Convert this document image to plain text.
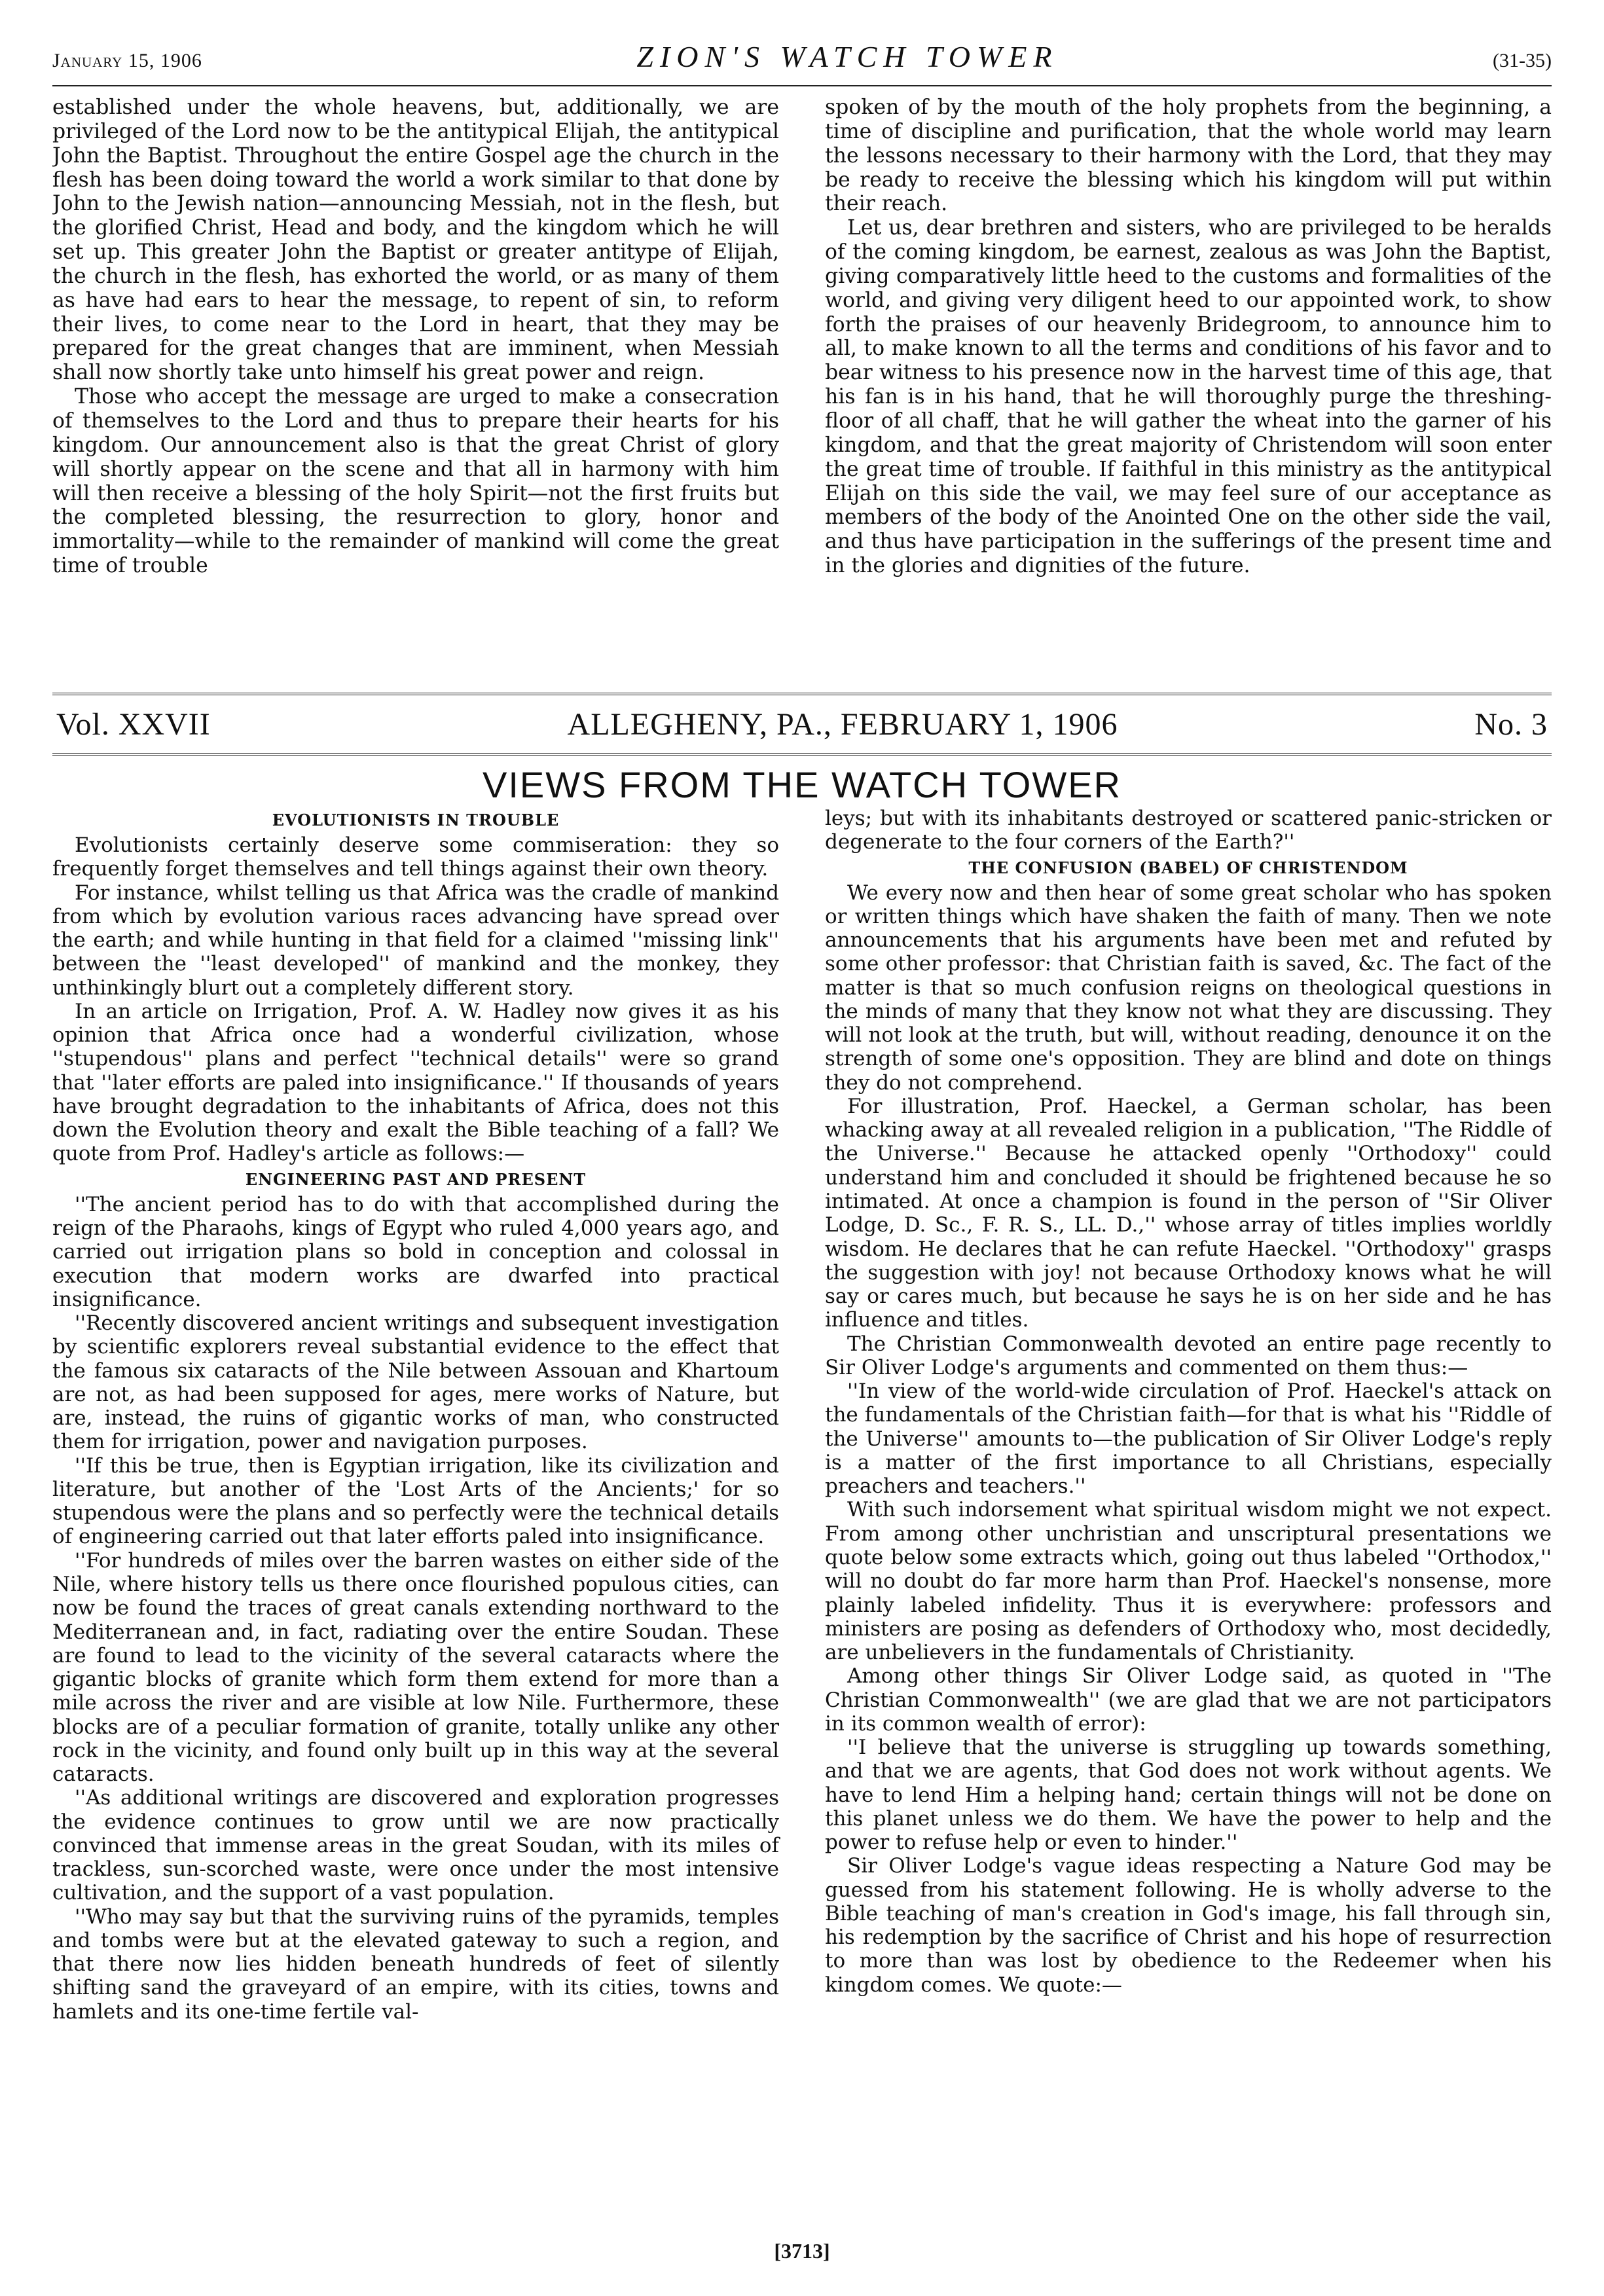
January 15, 1906	ZION'S WATCH TOWER	(31-35)

established under the whole heavens, but, additionally, we are privileged of the Lord now to be the antitypical Elijah, the antitypical John the Baptist. Throughout the entire Gospel age the church in the flesh has been doing toward the world a work similar to that done by John to the Jewish nation—announcing Messiah, not in the flesh, but the glorified Christ, Head and body, and the kingdom which he will set up. This greater John the Baptist or greater antitype of Elijah, the church in the flesh, has exhorted the world, or as many of them as have had ears to hear the message, to repent of sin, to reform their lives, to come near to the Lord in heart, that they may be prepared for the great changes that are imminent, when Messiah shall now shortly take unto himself his great power and reign.

Those who accept the message are urged to make a consecration of themselves to the Lord and thus to prepare their hearts for his kingdom. Our announcement also is that the great Christ of glory will shortly appear on the scene and that all in harmony with him will then receive a blessing of the holy Spirit—not the first fruits but the completed blessing, the resurrection to glory, honor and immortality—while to the remainder of mankind will come the great time of trouble

spoken of by the mouth of the holy prophets from the beginning, a time of discipline and purification, that the whole world may learn the lessons necessary to their harmony with the Lord, that they may be ready to receive the blessing which his kingdom will put within their reach.

Let us, dear brethren and sisters, who are privileged to be heralds of the coming kingdom, be earnest, zealous as was John the Baptist, giving comparatively little heed to the customs and formalities of the world, and giving very diligent heed to our appointed work, to show forth the praises of our heavenly Bridegroom, to announce him to all, to make known to all the terms and conditions of his favor and to bear witness to his presence now in the harvest time of this age, that his fan is in his hand, that he will thoroughly purge the threshing-floor of all chaff, that he will gather the wheat into the garner of his kingdom, and that the great majority of Christendom will soon enter the great time of trouble. If faithful in this ministry as the antitypical Elijah on this side the vail, we may feel sure of our acceptance as members of the body of the Anointed One on the other side the vail, and thus have participation in the sufferings of the present time and in the glories and dignities of the future.

Vol. XXVII	ALLEGHENY, PA., FEBRUARY 1, 1906	No. 3
VIEWS FROM THE WATCH TOWER
EVOLUTIONISTS IN TROUBLE

Evolutionists certainly deserve some commiseration: they so frequently forget themselves and tell things against their own theory.

For instance, whilst telling us that Africa was the cradle of mankind from which by evolution various races advancing have spread over the earth; and while hunting in that field for a claimed ''missing link'' between the ''least developed'' of mankind and the monkey, they unthinkingly blurt out a completely different story.

In an article on Irrigation, Prof. A. W. Hadley now gives it as his opinion that Africa once had a wonderful civilization, whose ''stupendous'' plans and perfect ''technical details'' were so grand that ''later efforts are paled into insignificance.'' If thousands of years have brought degradation to the inhabitants of Africa, does not this down the Evolution theory and exalt the Bible teaching of a fall? We quote from Prof. Hadley's article as follows:—

ENGINEERING PAST AND PRESENT

''The ancient period has to do with that accomplished during the reign of the Pharaohs, kings of Egypt who ruled 4,000 years ago, and carried out irrigation plans so bold in conception and colossal in execution that modern works are dwarfed into practical insignificance.

''Recently discovered ancient writings and subsequent investigation by scientific explorers reveal substantial evidence to the effect that the famous six cataracts of the Nile between Assouan and Khartoum are not, as had been supposed for ages, mere works of Nature, but are, instead, the ruins of gigantic works of man, who constructed them for irrigation, power and navigation purposes.

''If this be true, then is Egyptian irrigation, like its civilization and literature, but another of the 'Lost Arts of the Ancients;' for so stupendous were the plans and so perfectly were the technical details of engineering carried out that later efforts paled into insignificance.

''For hundreds of miles over the barren wastes on either side of the Nile, where history tells us there once flourished populous cities, can now be found the traces of great canals extending northward to the Mediterranean and, in fact, radiating over the entire Soudan. These are found to lead to the vicinity of the several cataracts where the gigantic blocks of granite which form them extend for more than a mile across the river and are visible at low Nile. Furthermore, these blocks are of a peculiar formation of granite, totally unlike any other rock in the vicinity, and found only built up in this way at the several cataracts.

''As additional writings are discovered and exploration progresses the evidence continues to grow until we are now practically convinced that immense areas in the great Soudan, with its miles of trackless, sun-scorched waste, were once under the most intensive cultivation, and the support of a vast population.

''Who may say but that the surviving ruins of the pyramids, temples and tombs were but at the elevated gateway to such a region, and that there now lies hidden beneath hundreds of feet of silently shifting sand the graveyard of an empire, with its cities, towns and hamlets and its one-time fertile val-

leys; but with its inhabitants destroyed or scattered panic-stricken or degenerate to the four corners of the Earth?''

THE CONFUSION (BABEL) OF CHRISTENDOM

We every now and then hear of some great scholar who has spoken or written things which have shaken the faith of many. Then we note announcements that his arguments have been met and refuted by some other professor: that Christian faith is saved, &c. The fact of the matter is that so much confusion reigns on theological questions in the minds of many that they know not what they are discussing. They will not look at the truth, but will, without reading, denounce it on the strength of some one's opposition. They are blind and dote on things they do not comprehend.

For illustration, Prof. Haeckel, a German scholar, has been whacking away at all revealed religion in a publication, ''The Riddle of the Universe.'' Because he attacked openly ''Orthodoxy'' could understand him and concluded it should be frightened because he so intimated. At once a champion is found in the person of ''Sir Oliver Lodge, D. Sc., F. R. S., LL. D.,'' whose array of titles implies worldly wisdom. He declares that he can refute Haeckel. ''Orthodoxy'' grasps the suggestion with joy! not because Orthodoxy knows what he will say or cares much, but because he says he is on her side and he has influence and titles.

The Christian Commonwealth devoted an entire page recently to Sir Oliver Lodge's arguments and commented on them thus:—

''In view of the world-wide circulation of Prof. Haeckel's attack on the fundamentals of the Christian faith—for that is what his ''Riddle of the Universe'' amounts to—the publication of Sir Oliver Lodge's reply is a matter of the first importance to all Christians, especially preachers and teachers.''

With such indorsement what spiritual wisdom might we not expect. From among other unchristian and unscriptural presentations we quote below some extracts which, going out thus labeled ''Orthodox,'' will no doubt do far more harm than Prof. Haeckel's nonsense, more plainly labeled infidelity. Thus it is everywhere: professors and ministers are posing as defenders of Orthodoxy who, most decidedly, are unbelievers in the fundamentals of Christianity.

Among other things Sir Oliver Lodge said, as quoted in ''The Christian Commonwealth'' (we are glad that we are not participators in its common wealth of error):

''I believe that the universe is struggling up towards something, and that we are agents, that God does not work without agents. We have to lend Him a helping hand; certain things will not be done on this planet unless we do them. We have the power to help and the power to refuse help or even to hinder.''

Sir Oliver Lodge's vague ideas respecting a Nature God may be guessed from his statement following. He is wholly adverse to the Bible teaching of man's creation in God's image, his fall through sin, his redemption by the sacrifice of Christ and his hope of resurrection to more than was lost by obedience to the Redeemer when his kingdom comes. We quote:—

[3713]
